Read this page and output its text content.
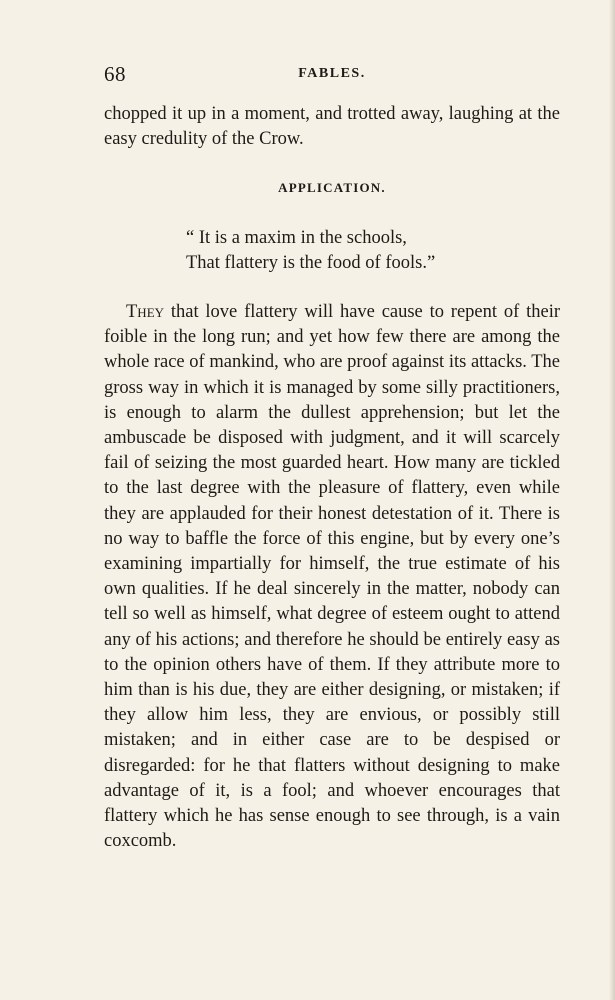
68	FABLES.

chopped it up in a moment, and trotted away, laughing at the easy credulity of the Crow.

APPLICATION.
“ It is a maxim in the schools,
That flattery is the food of fools.”

They that love flattery will have cause to repent of their foible in the long run; and yet how few there are among the whole race of mankind, who are proof against its attacks. The gross way in which it is managed by some silly practitioners, is enough to alarm the dullest apprehension; but let the ambuscade be disposed with judgment, and it will scarcely fail of seizing the most guarded heart. How many are tickled to the last degree with the pleasure of flattery, even while they are applauded for their honest detestation of it. There is no way to baffle the force of this engine, but by every one’s examining impartially for himself, the true estimate of his own qualities. If he deal sincerely in the matter, nobody can tell so well as himself, what degree of esteem ought to attend any of his actions; and therefore he should be entirely easy as to the opinion others have of them. If they attribute more to him than is his due, they are either designing, or mistaken; if they allow him less, they are envious, or possibly still mistaken; and in either case are to be despised or disregarded: for he that flatters without designing to make advantage of it, is a fool; and whoever encourages that flattery which he has sense enough to see through, is a vain coxcomb.
